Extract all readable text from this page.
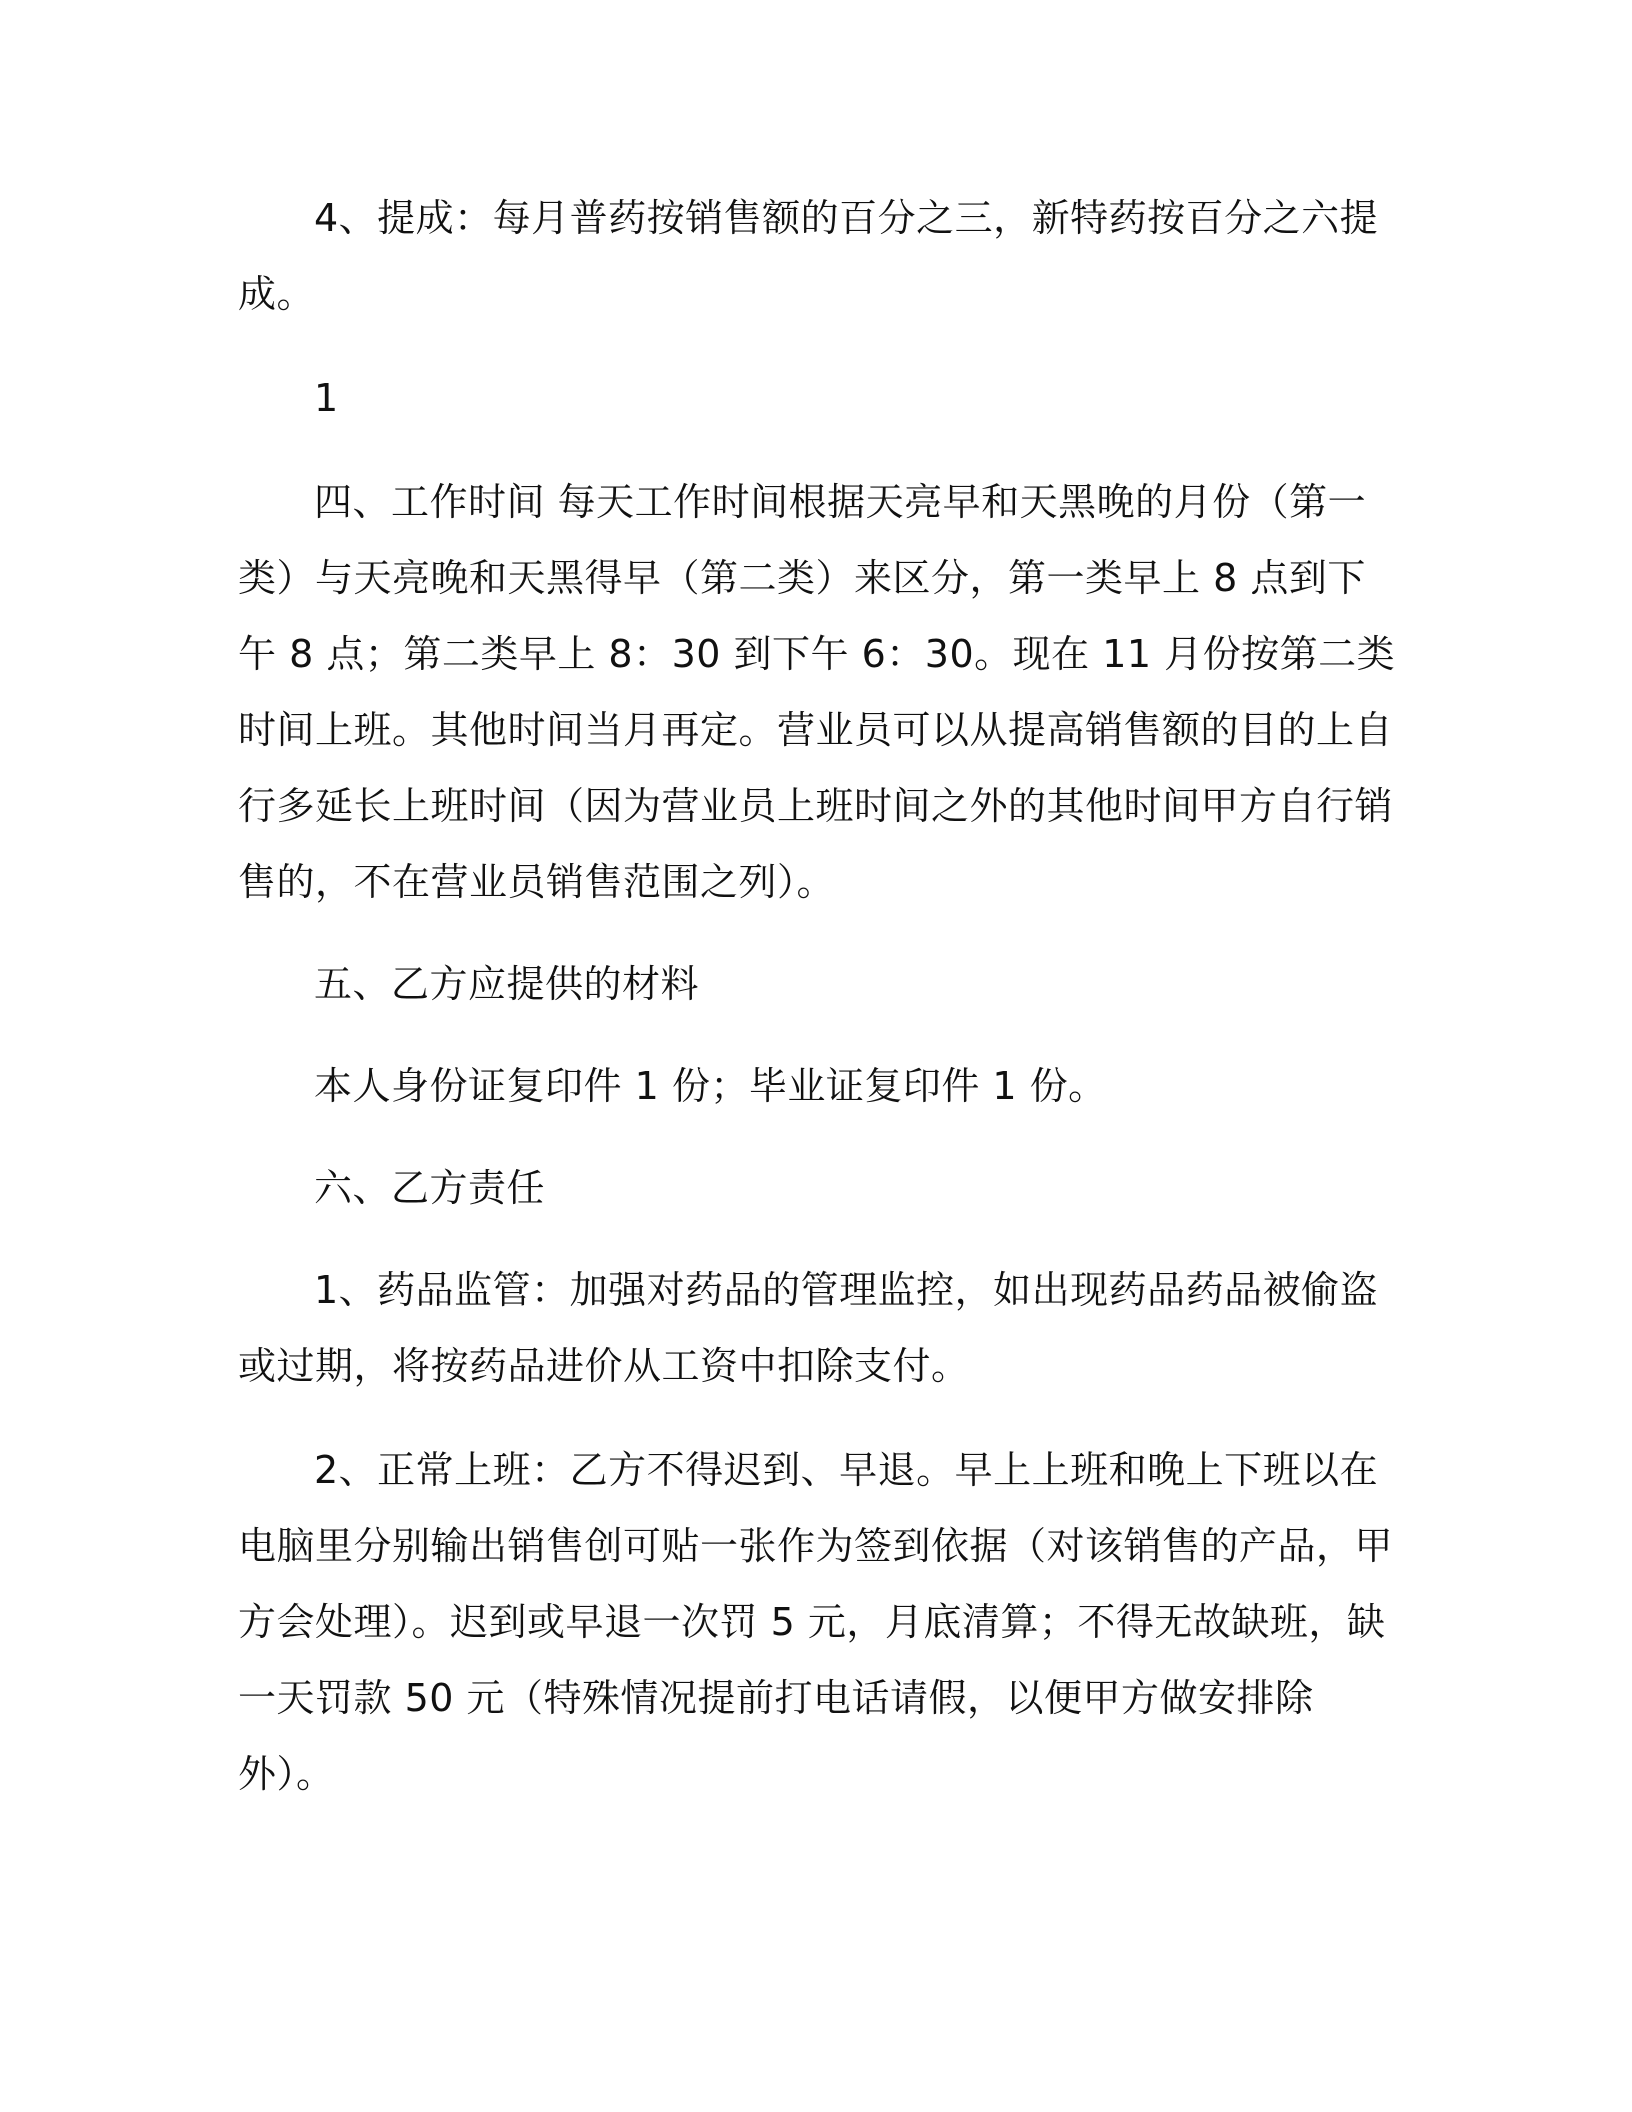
4、提成：每月普药按销售额的百分之三，新特药按百分之六提成。

1

四、工作时间 每天工作时间根据天亮早和天黑晚的月份（第一类）与天亮晚和天黑得早（第二类）来区分，第一类早上 8 点到下午 8 点；第二类早上 8：30 到下午 6：30。现在 11 月份按第二类时间上班。其他时间当月再定。营业员可以从提高销售额的目的上自行多延长上班时间（因为营业员上班时间之外的其他时间甲方自行销售的，不在营业员销售范围之列）。

五、乙方应提供的材料

本人身份证复印件 1 份；毕业证复印件 1 份。

六、乙方责任

1、药品监管：加强对药品的管理监控，如出现药品药品被偷盗或过期，将按药品进价从工资中扣除支付。

2、正常上班：乙方不得迟到、早退。早上上班和晚上下班以在电脑里分别输出销售创可贴一张作为签到依据（对该销售的产品，甲方会处理）。迟到或早退一次罚 5 元，月底清算；不得无故缺班，缺一天罚款 50 元（特殊情况提前打电话请假，以便甲方做安排除外）。
